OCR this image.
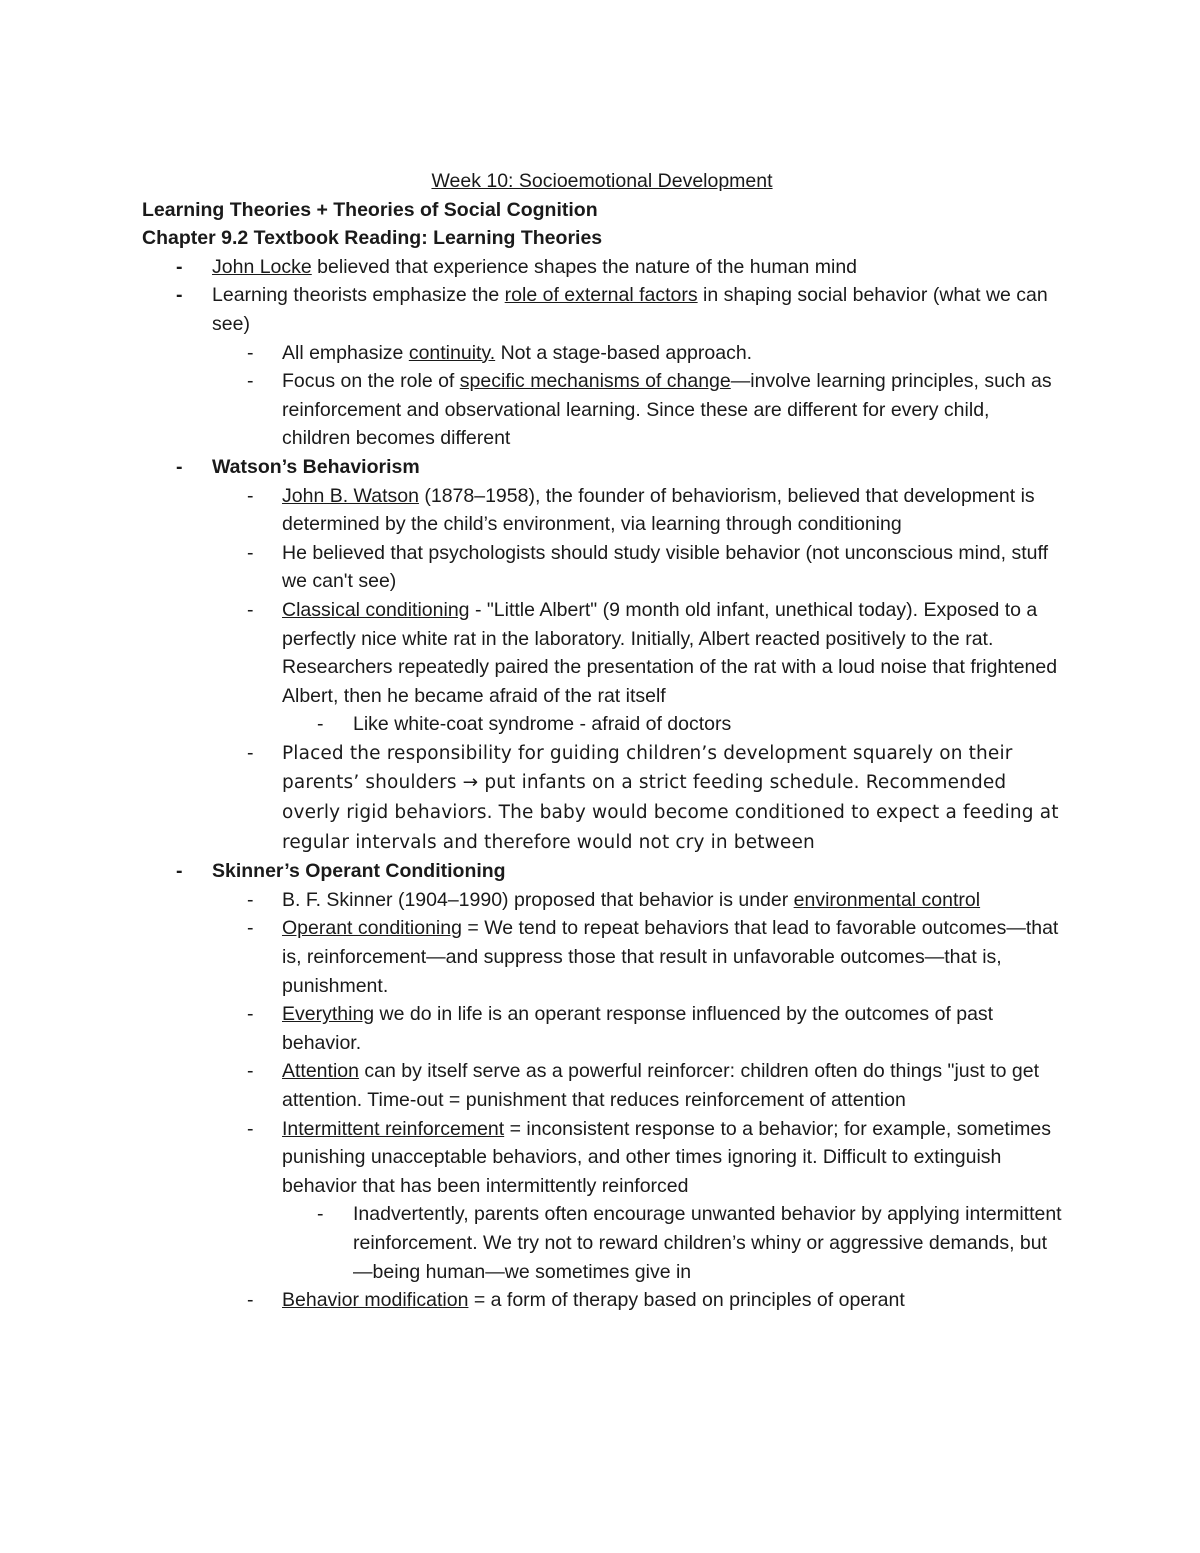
Week 10: Socioemotional Development
Learning Theories + Theories of Social Cognition
Chapter 9.2 Textbook Reading: Learning Theories
- John Locke believed that experience shapes the nature of the human mind
- Learning theorists emphasize the role of external factors in shaping social behavior (what we can see)
- All emphasize continuity. Not a stage-based approach.
- Focus on the role of specific mechanisms of change—involve learning principles, such as reinforcement and observational learning. Since these are different for every child, children becomes different
- Watson’s Behaviorism
- John B. Watson (1878–1958), the founder of behaviorism, believed that development is determined by the child’s environment, via learning through conditioning
- He believed that psychologists should study visible behavior (not unconscious mind, stuff we can't see)
- Classical conditioning - "Little Albert" (9 month old infant, unethical today). Exposed to a perfectly nice white rat in the laboratory. Initially, Albert reacted positively to the rat. Researchers repeatedly paired the presentation of the rat with a loud noise that frightened Albert, then he became afraid of the rat itself
- Like white-coat syndrome - afraid of doctors
- Placed the responsibility for guiding children’s development squarely on their parents’ shoulders → put infants on a strict feeding schedule. Recommended overly rigid behaviors. The baby would become conditioned to expect a feeding at regular intervals and therefore would not cry in between
- Skinner’s Operant Conditioning
- B. F. Skinner (1904–1990) proposed that behavior is under environmental control
- Operant conditioning = We tend to repeat behaviors that lead to favorable outcomes—that is, reinforcement—and suppress those that result in unfavorable outcomes—that is, punishment.
- Everything we do in life is an operant response influenced by the outcomes of past behavior.
- Attention can by itself serve as a powerful reinforcer: children often do things "just to get attention. Time-out = punishment that reduces reinforcement of attention
- Intermittent reinforcement = inconsistent response to a behavior; for example, sometimes punishing unacceptable behaviors, and other times ignoring it. Difficult to extinguish behavior that has been intermittently reinforced
- Inadvertently, parents often encourage unwanted behavior by applying intermittent reinforcement. We try not to reward children’s whiny or aggressive demands, but—being human—we sometimes give in
- Behavior modification = a form of therapy based on principles of operant
